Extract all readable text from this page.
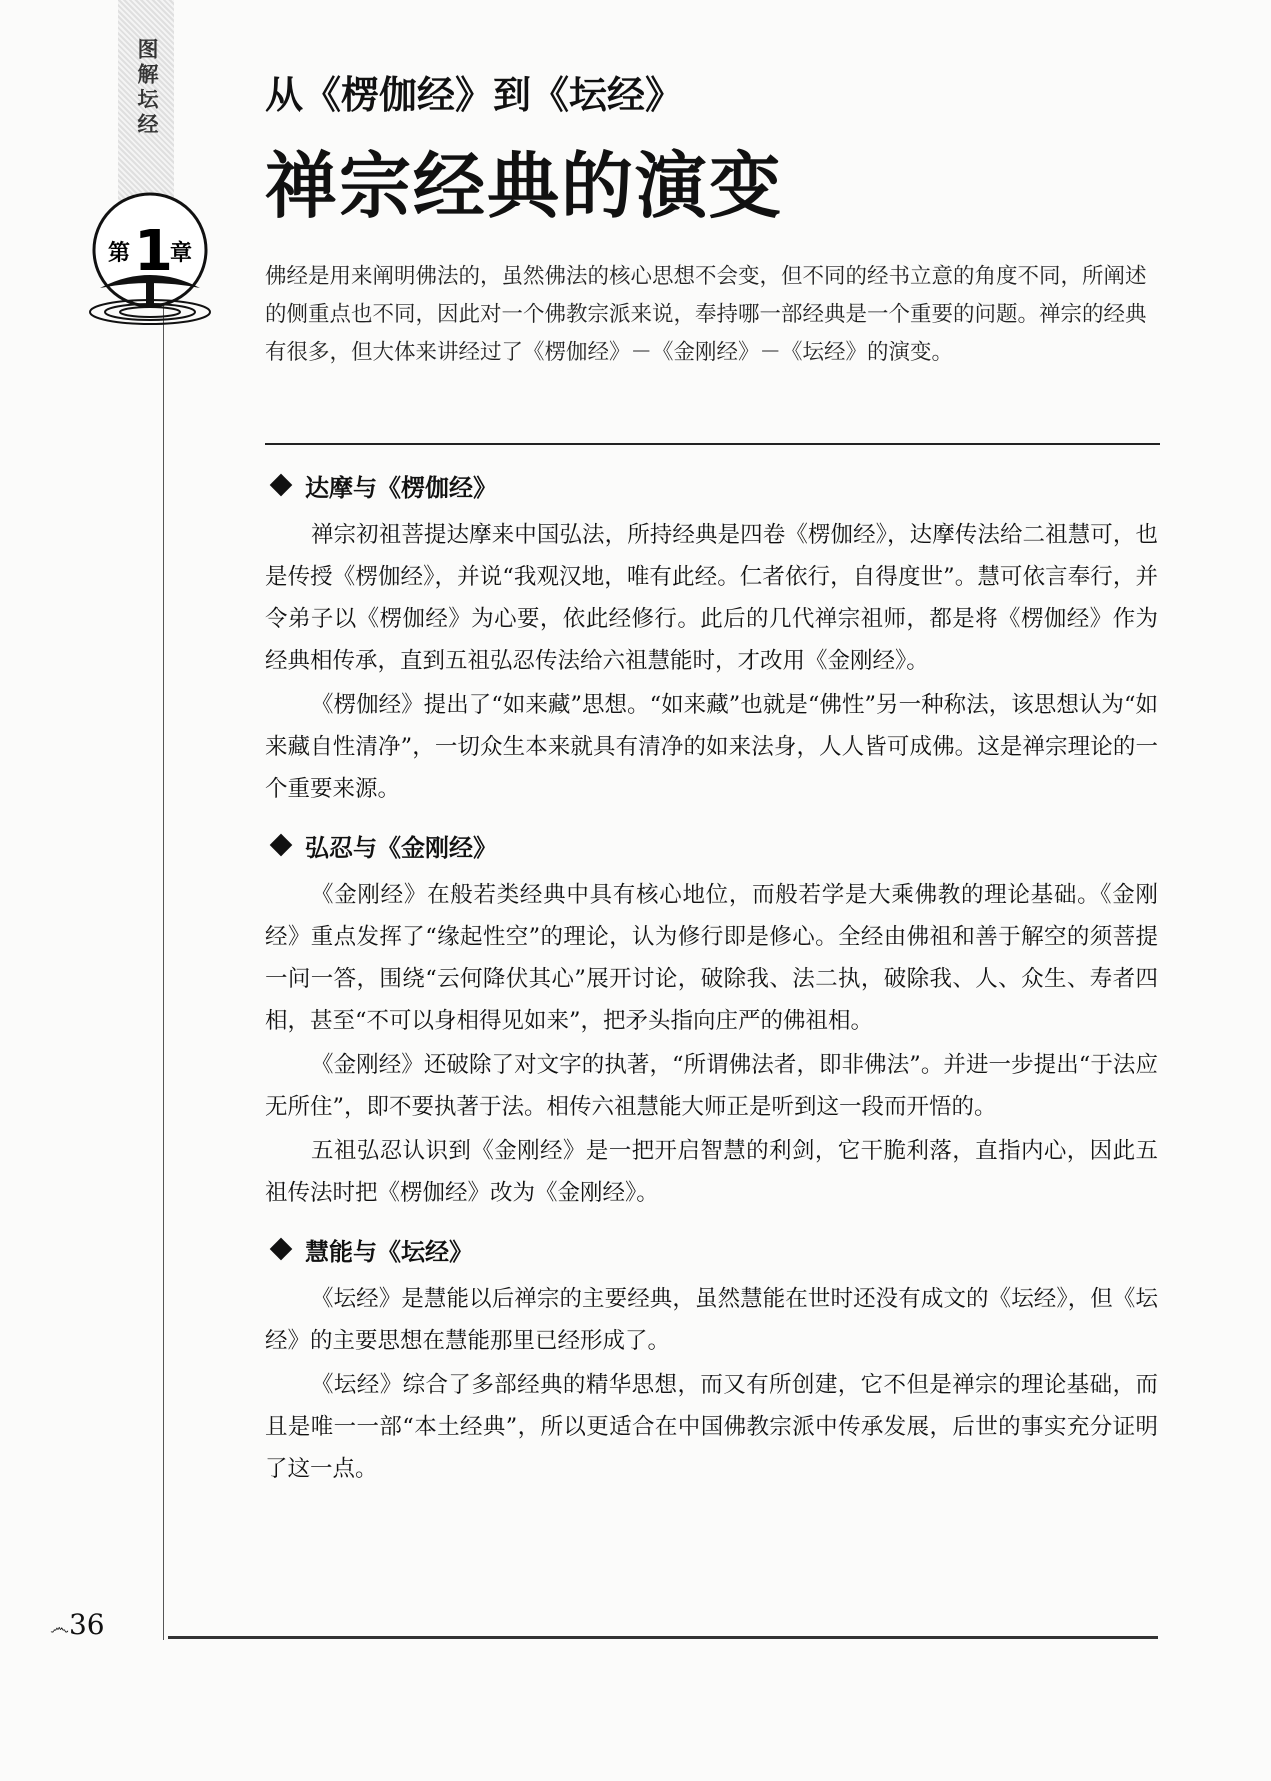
图解坛经
第 1
章
从《楞伽经》到《坛经》
禅宗经典的演变
佛经是用来阐明佛法的，虽然佛法的核心思想不会变，但不同的经书立意的角度不同，所阐述的侧重点也不同，因此对一个佛教宗派来说，奉持哪一部经典是一个重要的问题。禅宗的经典有很多，但大体来讲经过了《楞伽经》－《金刚经》－《坛经》的演变。
达摩与《楞伽经》

禅宗初祖菩提达摩来中国弘法，所持经典是四卷《楞伽经》，达摩传法给二祖慧可，也是传授《楞伽经》，并说“我观汉地，唯有此经。仁者依行，自得度世”。慧可依言奉行，并令弟子以《楞伽经》为心要，依此经修行。此后的几代禅宗祖师，都是将《楞伽经》作为经典相传承，直到五祖弘忍传法给六祖慧能时，才改用《金刚经》。

《楞伽经》提出了“如来藏”思想。“如来藏”也就是“佛性”另一种称法，该思想认为“如来藏自性清净”，一切众生本来就具有清净的如来法身，人人皆可成佛。这是禅宗理论的一个重要来源。

弘忍与《金刚经》

《金刚经》在般若类经典中具有核心地位，而般若学是大乘佛教的理论基础。《金刚经》重点发挥了“缘起性空”的理论，认为修行即是修心。全经由佛祖和善于解空的须菩提一问一答，围绕“云何降伏其心”展开讨论，破除我、法二执，破除我、人、众生、寿者四相，甚至“不可以身相得见如来”，把矛头指向庄严的佛祖相。

《金刚经》还破除了对文字的执著，“所谓佛法者，即非佛法”。并进一步提出“于法应无所住”，即不要执著于法。相传六祖慧能大师正是听到这一段而开悟的。

五祖弘忍认识到《金刚经》是一把开启智慧的利剑，它干脆利落，直指内心，因此五祖传法时把《楞伽经》改为《金刚经》。

慧能与《坛经》

《坛经》是慧能以后禅宗的主要经典，虽然慧能在世时还没有成文的《坛经》，但《坛经》的主要思想在慧能那里已经形成了。

《坛经》综合了多部经典的精华思想，而又有所创建，它不但是禅宗的理论基础，而且是唯一一部“本土经典”，所以更适合在中国佛教宗派中传承发展，后世的事实充分证明了这一点。

෴36
